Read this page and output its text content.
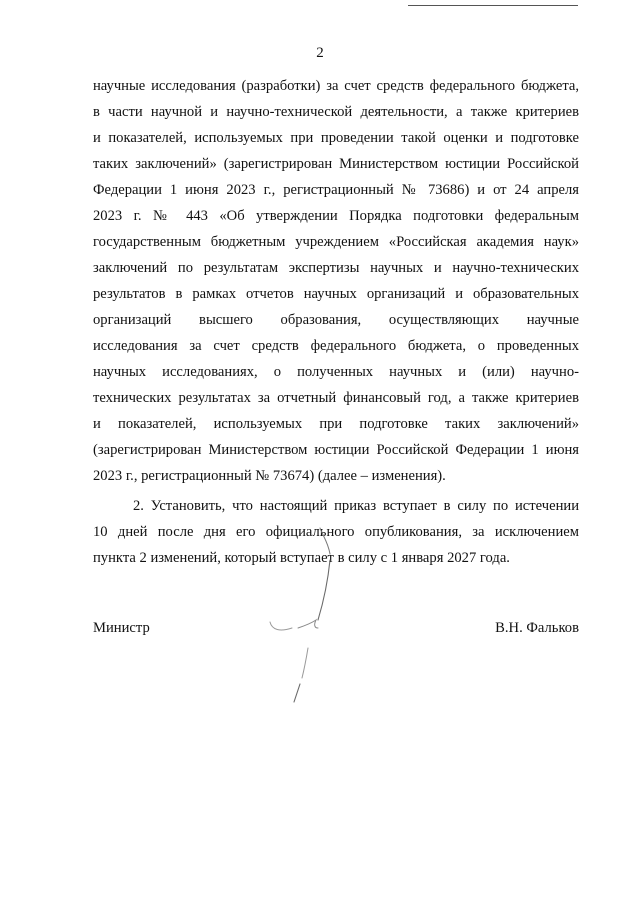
2
научные исследования (разработки) за счет средств федерального бюджета,
в части научной и научно-технической деятельности, а также критериев
и показателей, используемых при проведении такой оценки и подготовке
таких заключений» (зарегистрирован Министерством юстиции Российской
Федерации 1 июня 2023 г., регистрационный № 73686) и от 24 апреля
2023 г. № 443 «Об утверждении Порядка подготовки федеральным
государственным бюджетным учреждением «Российская академия наук»
заключений по результатам экспертизы научных и научно-технических
результатов в рамках отчетов научных организаций и образовательных
организаций высшего образования, осуществляющих научные
исследования за счет средств федерального бюджета, о проведенных
научных исследованиях, о полученных научных и (или) научно-
технических результатах за отчетный финансовый год, а также критериев
и показателей, используемых при подготовке таких заключений»
(зарегистрирован Министерством юстиции Российской Федерации 1 июня
2023 г., регистрационный № 73674) (далее – изменения).
2. Установить, что настоящий приказ вступает в силу по истечении
10 дней после дня его официального опубликования, за исключением
пункта 2 изменений, который вступает в силу с 1 января 2027 года.
Министр	В.Н. Фальков
